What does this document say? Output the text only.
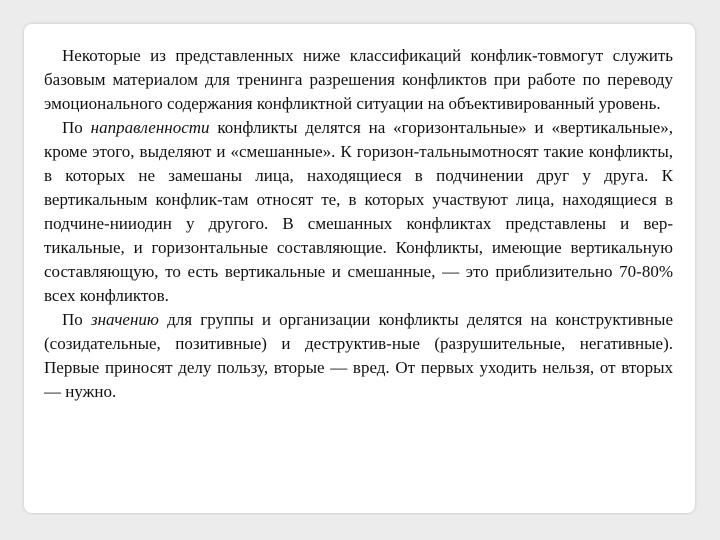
Некоторые из представленных ниже классификаций конфлик-товмогут служить базовым материалом для тренинга разрешения конфликтов при работе по переводу эмоционального содержания конфликтной ситуации на объективированный уровень.

По направленности конфликты делятся на «горизонтальные» и «вертикальные», кроме этого, выделяют и «смешанные». К горизон-тальнымотносят такие конфликты, в которых не замешаны лица, находящиеся в подчинении друг у друга. К вертикальным конфлик-там относят те, в которых участвуют лица, находящиеся в подчине-нииодин у другого. В смешанных конфликтах представлены и вер-тикальные, и горизонтальные составляющие. Конфликты, имеющие вертикальную составляющую, то есть вертикальные и смешанные, — это приблизительно 70-80% всех конфликтов.

По значению для группы и организации конфликты делятся на конструктивные (созидательные, позитивные) и деструктив-ные (разрушительные, негативные). Первые приносят делу пользу, вторые — вред. От первых уходить нельзя, от вторых — нужно.
